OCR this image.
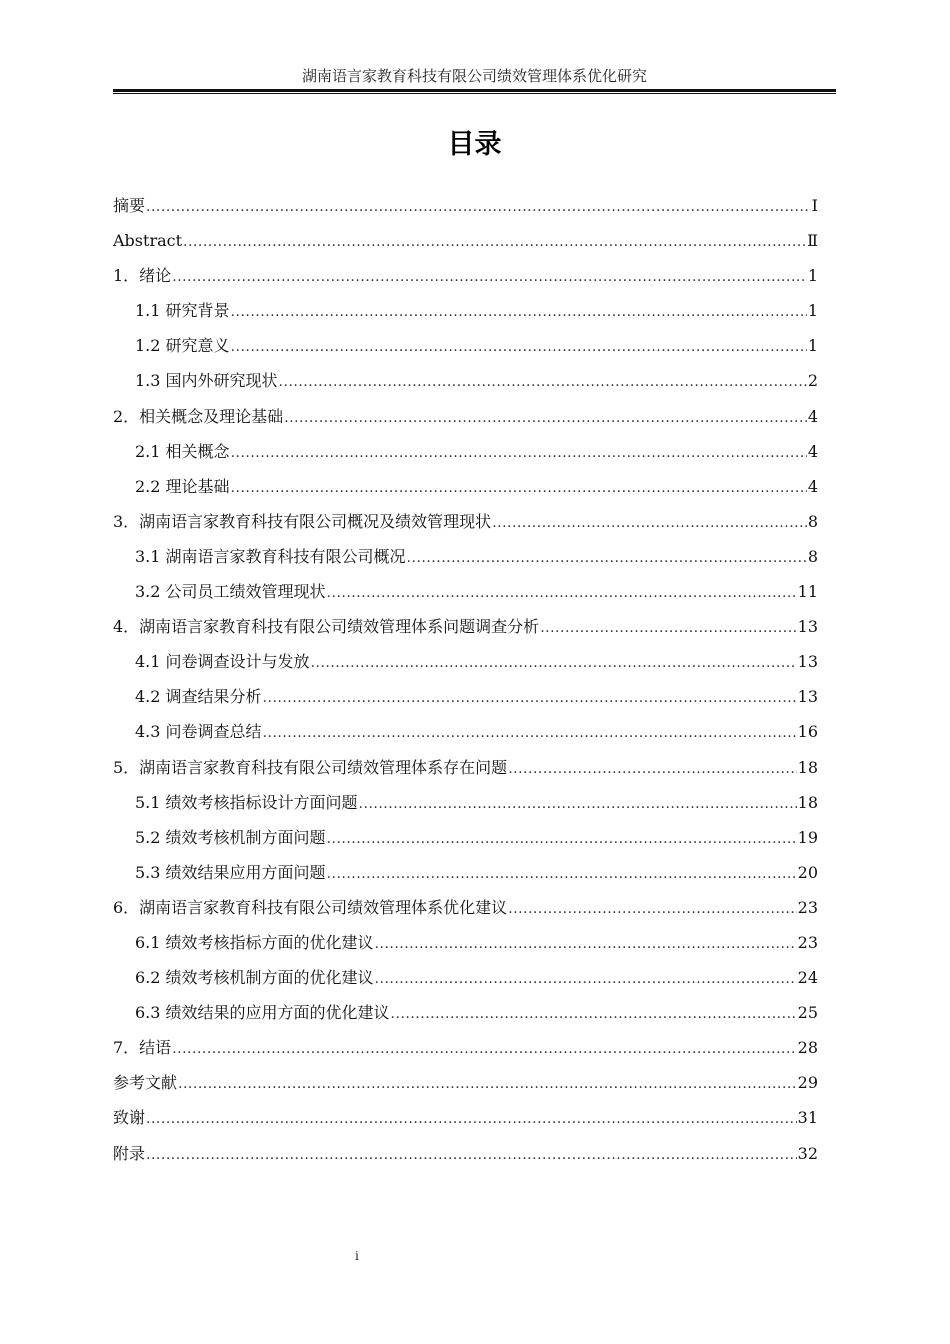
湖南语言家教育科技有限公司绩效管理体系优化研究
目录
摘要 .....	I
Abstract .....	Ⅱ
1．绪论 .....	1
1.1 研究背景 .....	1
1.2 研究意义 .....	1
1.3 国内外研究现状 .....	2
2．相关概念及理论基础 .....	4
2.1 相关概念 .....	4
2.2 理论基础 .....	4
3．湖南语言家教育科技有限公司概况及绩效管理现状 .....	8
3.1 湖南语言家教育科技有限公司概况 .....	8
3.2 公司员工绩效管理现状 .....	11
4．湖南语言家教育科技有限公司绩效管理体系问题调查分析 .....	13
4.1 问卷调查设计与发放 .....	13
4.2 调查结果分析 .....	13
4.3 问卷调查总结 .....	16
5．湖南语言家教育科技有限公司绩效管理体系存在问题 .....	18
5.1 绩效考核指标设计方面问题 .....	18
5.2 绩效考核机制方面问题 .....	19
5.3 绩效结果应用方面问题 .....	20
6．湖南语言家教育科技有限公司绩效管理体系优化建议 .....	23
6.1 绩效考核指标方面的优化建议 .....	23
6.2 绩效考核机制方面的优化建议 .....	24
6.3 绩效结果的应用方面的优化建议 .....	25
7．结语 .....	28
参考文献 .....	29
致谢 .....	31
附录 .....	32
i
